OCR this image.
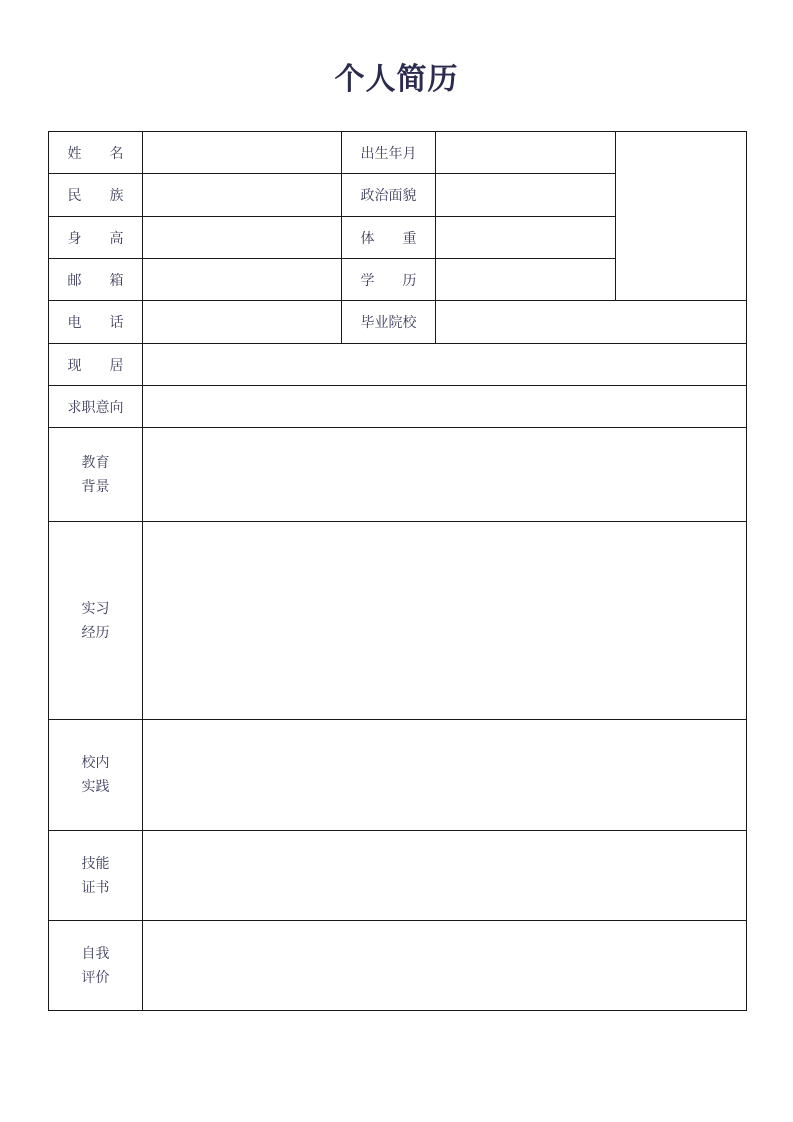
个人简历
姓　名		出生年月		
民　族		政治面貌		
身　高		体　重		
邮　箱		学　历		
电　话		毕业院校		
现　居				
求职意向				
教育
背景				
实习
经历				
校内
实践				
技能
证书				
自我
评价				
